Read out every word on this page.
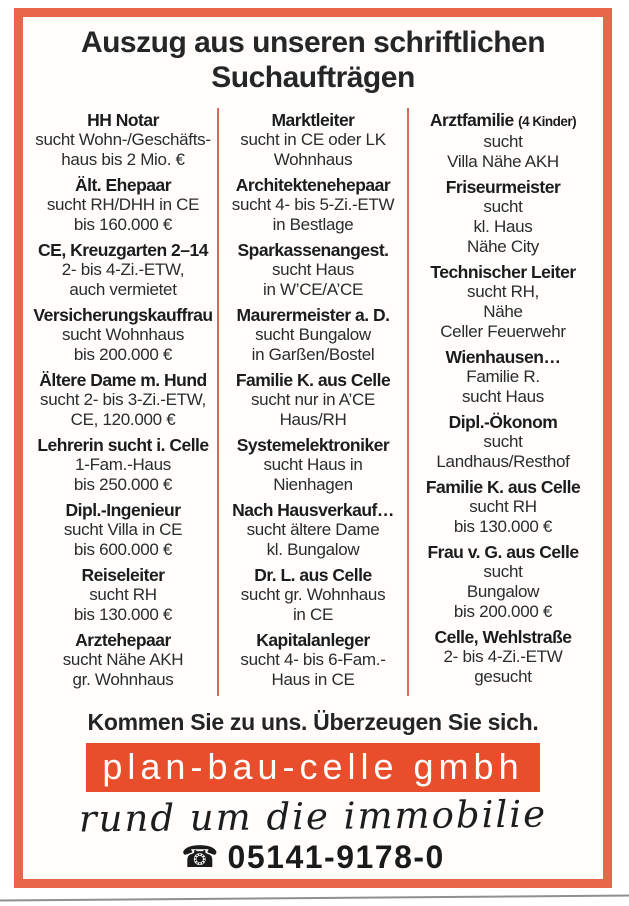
Auszug aus unseren schriftlichen
Suchaufträgen
HH Notar
sucht Wohn-/Geschäfts-
haus bis 2 Mio. €
Ält. Ehepaar
sucht RH/DHH in CE
bis 160.000 €
CE, Kreuzgarten 2–14
2- bis 4-Zi.-ETW,
auch vermietet
Versicherungskauffrau
sucht Wohnhaus
bis 200.000 €
Ältere Dame m. Hund
sucht 2- bis 3-Zi.-ETW,
CE, 120.000 €
Lehrerin sucht i. Celle
1-Fam.-Haus
bis 250.000 €
Dipl.-Ingenieur
sucht Villa in CE
bis 600.000 €
Reiseleiter
sucht RH
bis 130.000 €
Arztehepaar
sucht Nähe AKH
gr. Wohnhaus
Marktleiter
sucht in CE oder LK
Wohnhaus
Architektenehepaar
sucht 4- bis 5-Zi.-ETW
in Bestlage
Sparkassenangest.
sucht Haus
in W’CE/A’CE
Maurermeister a. D.
sucht Bungalow
in Garßen/Bostel
Familie K. aus Celle
sucht nur in A’CE
Haus/RH
Systemelektroniker
sucht Haus in
Nienhagen
Nach Hausverkauf…
sucht ältere Dame
kl. Bungalow
Dr. L. aus Celle
sucht gr. Wohnhaus
in CE
Kapitalanleger
sucht 4- bis 6-Fam.-
Haus in CE
Arztfamilie (4 Kinder)
sucht
Villa Nähe AKH
Friseurmeister
sucht
kl. Haus
Nähe City
Technischer Leiter
sucht RH,
Nähe
Celler Feuerwehr
Wienhausen…
Familie R.
sucht Haus
Dipl.-Ökonom
sucht
Landhaus/Resthof
Familie K. aus Celle
sucht RH
bis 130.000 €
Frau v. G. aus Celle
sucht
Bungalow
bis 200.000 €
Celle, Wehlstraße
2- bis 4-Zi.-ETW
gesucht
Kommen Sie zu uns. Überzeugen Sie sich.
plan-bau-celle gmbh
rund um die immobilie
☎ 05141-9178-0
